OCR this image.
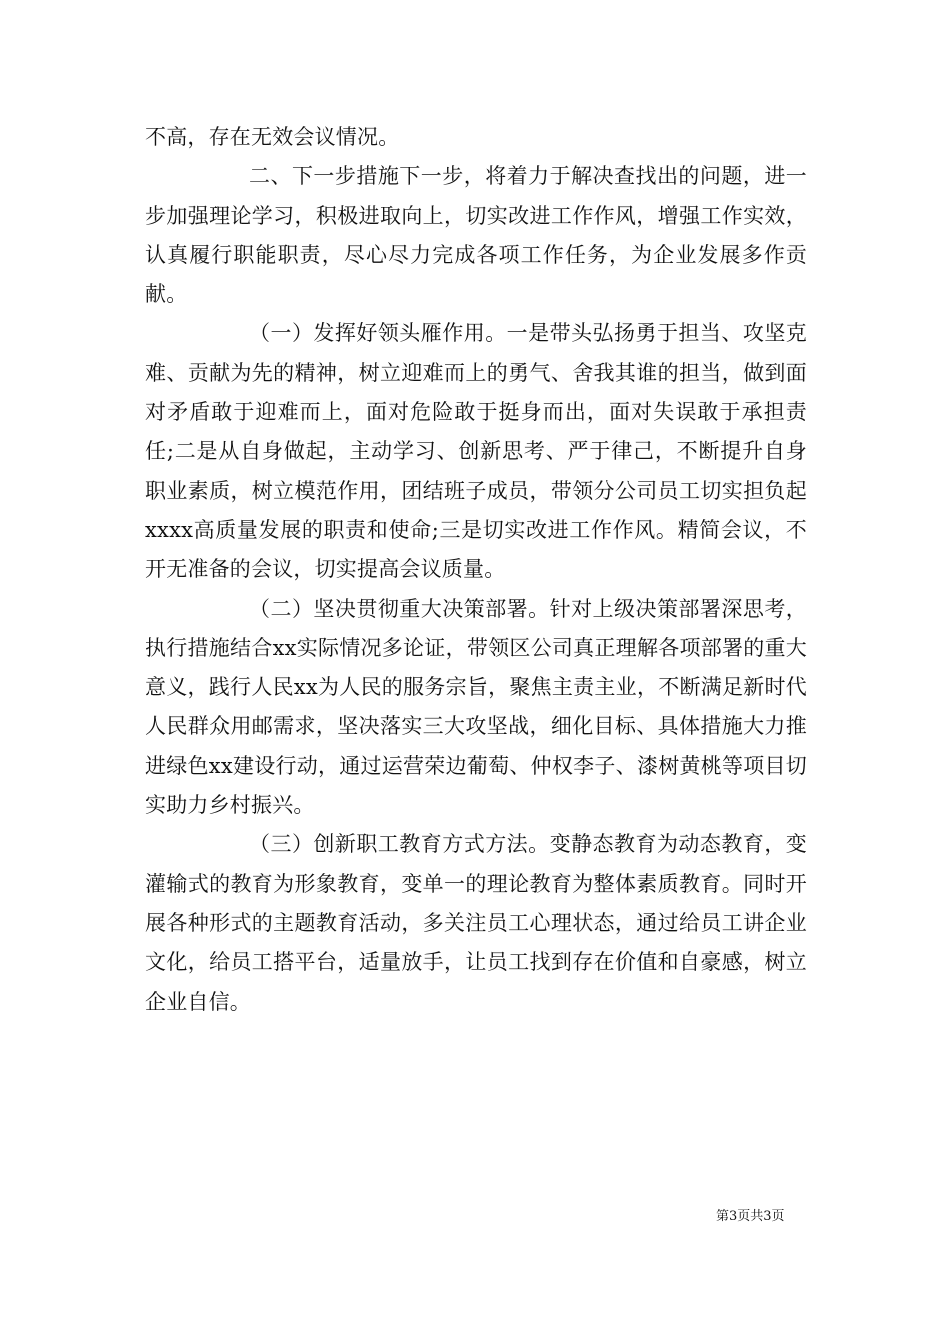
不高，存在无效会议情况。

二、下一步措施下一步，将着力于解决查找出的问题，进一步加强理论学习，积极进取向上，切实改进工作作风，增强工作实效，认真履行职能职责，尽心尽力完成各项工作任务，为企业发展多作贡献。

（一）发挥好领头雁作用。一是带头弘扬勇于担当、攻坚克难、贡献为先的精神，树立迎难而上的勇气、舍我其谁的担当，做到面对矛盾敢于迎难而上，面对危险敢于挺身而出，面对失误敢于承担责任;二是从自身做起，主动学习、创新思考、严于律己，不断提升自身职业素质，树立模范作用，团结班子成员，带领分公司员工切实担负起xxxx高质量发展的职责和使命;三是切实改进工作作风。精简会议，不开无准备的会议，切实提高会议质量。

（二）坚决贯彻重大决策部署。针对上级决策部署深思考，执行措施结合xx实际情况多论证，带领区公司真正理解各项部署的重大意义，践行人民xx为人民的服务宗旨，聚焦主责主业，不断满足新时代人民群众用邮需求，坚决落实三大攻坚战，细化目标、具体措施大力推进绿色xx建设行动，通过运营荣边葡萄、仲权李子、漆树黄桃等项目切实助力乡村振兴。

（三）创新职工教育方式方法。变静态教育为动态教育，变灌输式的教育为形象教育，变单一的理论教育为整体素质教育。同时开展各种形式的主题教育活动，多关注员工心理状态，通过给员工讲企业文化，给员工搭平台，适量放手，让员工找到存在价值和自豪感，树立企业自信。

第3页共3页
